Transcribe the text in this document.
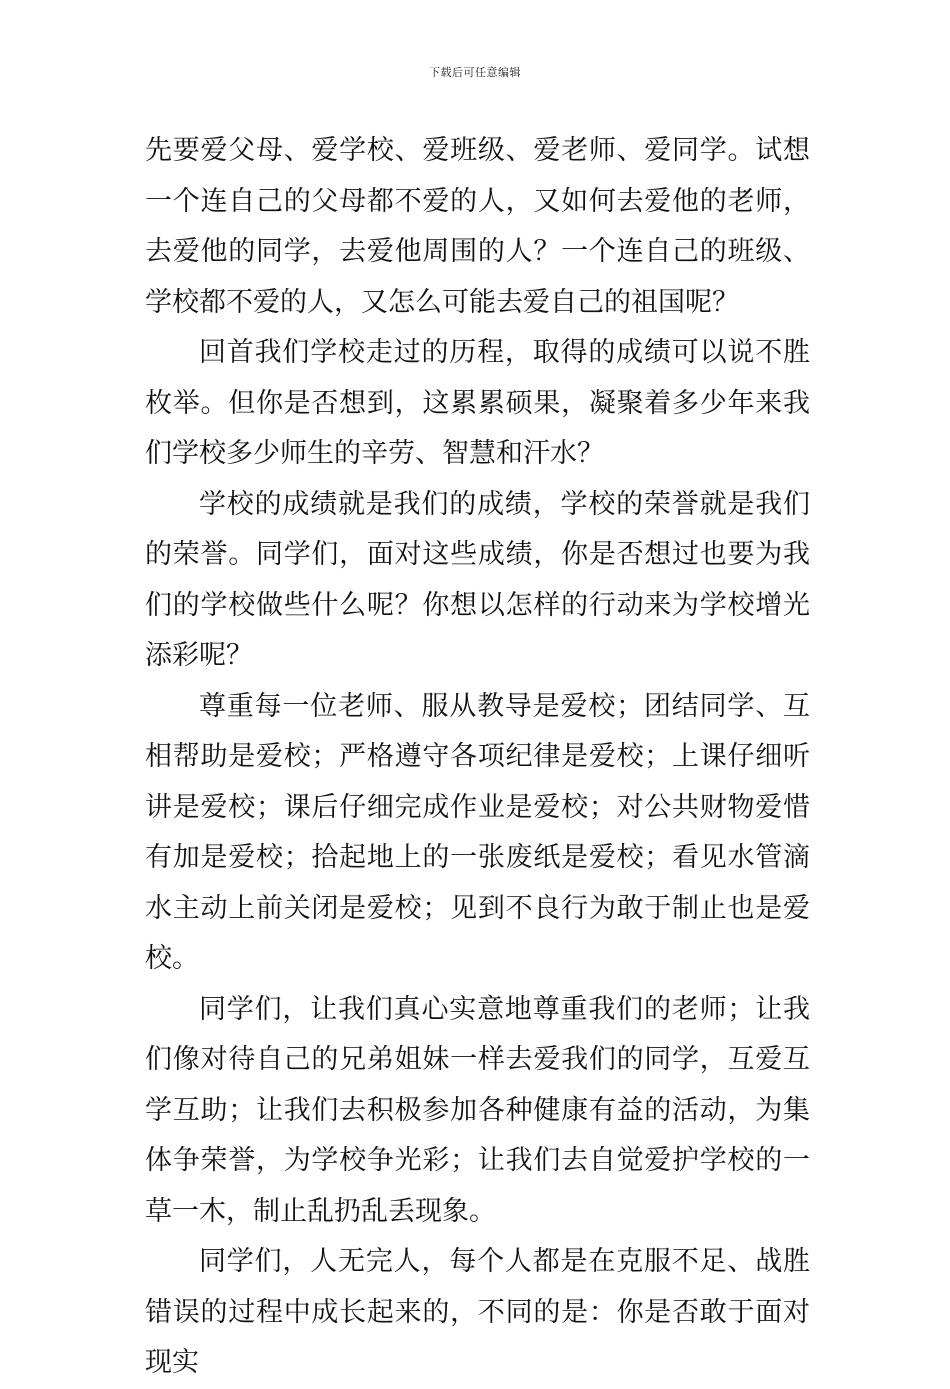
下载后可任意编辑

先要爱父母、爱学校、爱班级、爱老师、爱同学。试想一个连自己的父母都不爱的人，又如何去爱他的老师，去爱他的同学，去爱他周围的人？一个连自己的班级、学校都不爱的人，又怎么可能去爱自己的祖国呢？

回首我们学校走过的历程，取得的成绩可以说不胜枚举。但你是否想到，这累累硕果，凝聚着多少年来我们学校多少师生的辛劳、智慧和汗水？

学校的成绩就是我们的成绩，学校的荣誉就是我们的荣誉。同学们，面对这些成绩，你是否想过也要为我们的学校做些什么呢？你想以怎样的行动来为学校增光添彩呢？

尊重每一位老师、服从教导是爱校；团结同学、互相帮助是爱校；严格遵守各项纪律是爱校；上课仔细听讲是爱校；课后仔细完成作业是爱校；对公共财物爱惜有加是爱校；拾起地上的一张废纸是爱校；看见水管滴水主动上前关闭是爱校；见到不良行为敢于制止也是爱校。

同学们，让我们真心实意地尊重我们的老师；让我们像对待自己的兄弟姐妹一样去爱我们的同学，互爱互学互助；让我们去积极参加各种健康有益的活动，为集体争荣誉，为学校争光彩；让我们去自觉爱护学校的一草一木，制止乱扔乱丢现象。

同学们，人无完人，每个人都是在克服不足、战胜错误的过程中成长起来的，不同的是：你是否敢于面对现实
